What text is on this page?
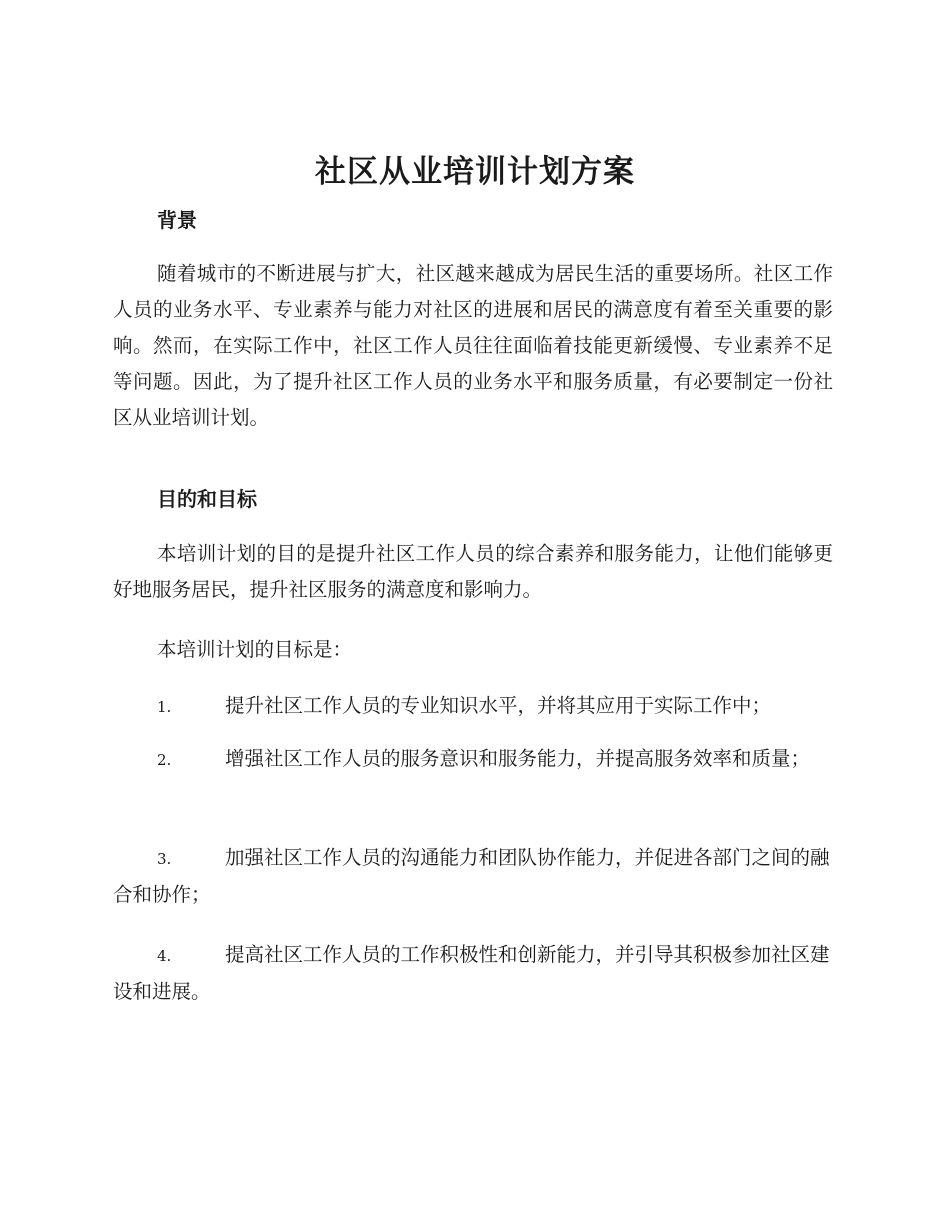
社区从业培训计划方案
背景

随着城市的不断进展与扩大，社区越来越成为居民生活的重要场所。社区工作人员的业务水平、专业素养与能力对社区的进展和居民的满意度有着至关重要的影响。然而，在实际工作中，社区工作人员往往面临着技能更新缓慢、专业素养不足等问题。因此，为了提升社区工作人员的业务水平和服务质量，有必要制定一份社区从业培训计划。

目的和目标

本培训计划的目的是提升社区工作人员的综合素养和服务能力，让他们能够更好地服务居民，提升社区服务的满意度和影响力。

本培训计划的目标是：

1.	提升社区工作人员的专业知识水平，并将其应用于实际工作中；

2.	增强社区工作人员的服务意识和服务能力，并提高服务效率和质量；

3.	加强社区工作人员的沟通能力和团队协作能力，并促进各部门之间的融合和协作；

4.	提高社区工作人员的工作积极性和创新能力，并引导其积极参加社区建设和进展。
